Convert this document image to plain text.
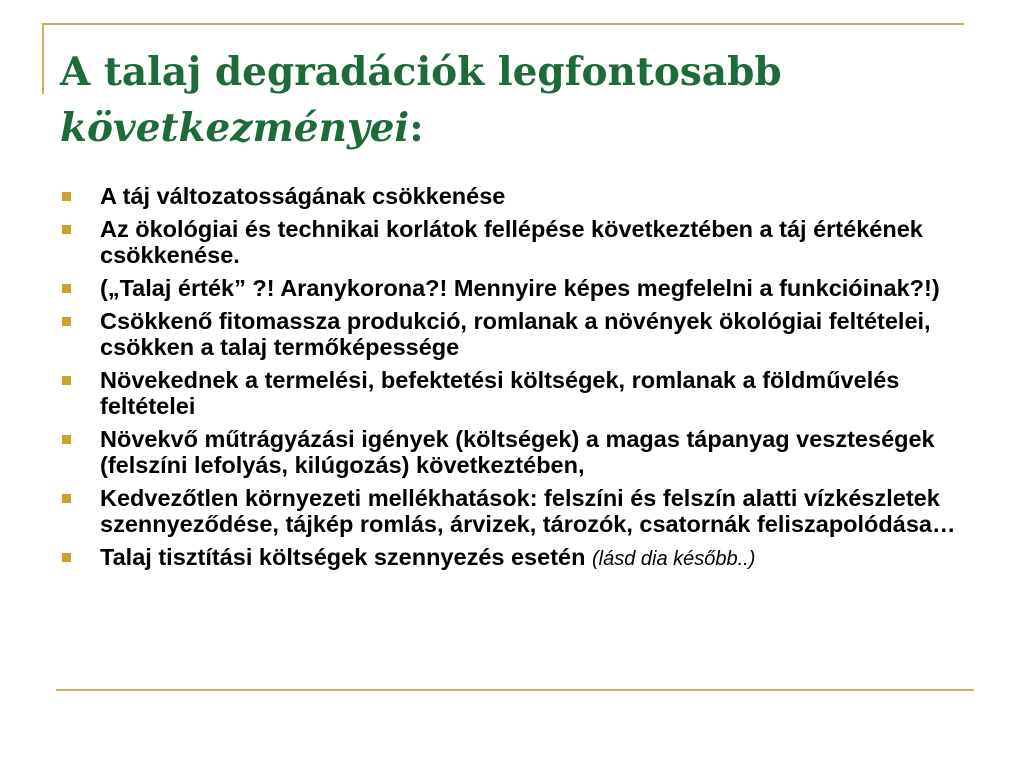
A talaj degradációk legfontosabb
következményei:
A táj változatosságának csökkenése
Az ökológiai és technikai korlátok fellépése következtében a táj értékének csökkenése.
(„Talaj érték” ?! Aranykorona?! Mennyire képes megfelelni a funkcióinak?!)
Csökkenő fitomassza produkció, romlanak a növények ökológiai feltételei, csökken a talaj termőképessége
Növekednek a termelési, befektetési költségek, romlanak a földművelés feltételei
Növekvő műtrágyázási igények (költségek) a magas tápanyag veszteségek (felszíni lefolyás, kilúgozás) következtében,
Kedvezőtlen környezeti mellékhatások: felszíni és felszín alatti vízkészletek szennyeződése, tájkép romlás, árvizek, tározók, csatornák feliszapolódása…
Talaj tisztítási költségek szennyezés esetén (lásd dia később..)
